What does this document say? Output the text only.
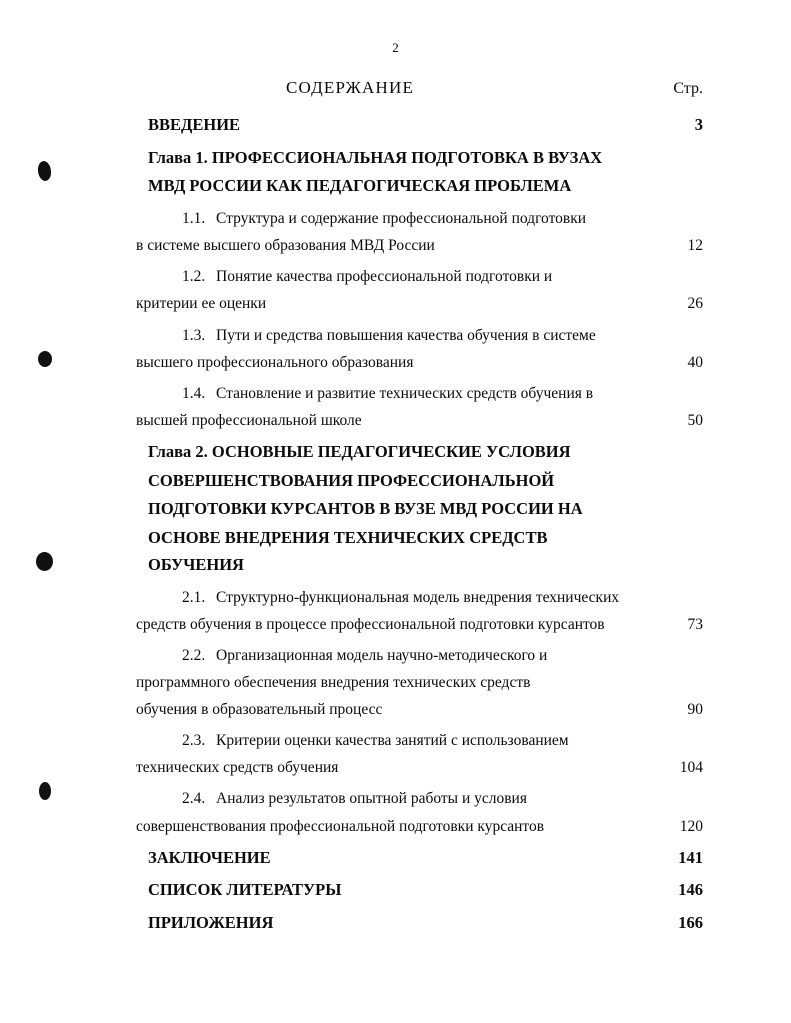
2
СОДЕРЖАНИЕ	Стр.
ВВЕДЕНИЕ	3
Глава 1. ПРОФЕССИОНАЛЬНАЯ ПОДГОТОВКА В ВУЗАХ
МВД РОССИИ КАК ПЕДАГОГИЧЕСКАЯ ПРОБЛЕМА
1.1. Структура и содержание профессиональной подготовки
в системе высшего образования МВД России	12
1.2. Понятие качества профессиональной подготовки и
критерии ее оценки	26
1.3. Пути и средства повышения качества обучения в системе
высшего профессионального образования	40
1.4. Становление и развитие технических средств обучения в
высшей профессиональной школе	50
Глава 2. ОСНОВНЫЕ ПЕДАГОГИЧЕСКИЕ УСЛОВИЯ
СОВЕРШЕНСТВОВАНИЯ ПРОФЕССИОНАЛЬНОЙ
ПОДГОТОВКИ КУРСАНТОВ В ВУЗЕ МВД РОССИИ НА
ОСНОВЕ ВНЕДРЕНИЯ ТЕХНИЧЕСКИХ СРЕДСТВ ОБУЧЕНИЯ
2.1. Структурно-функциональная модель внедрения технических
средств обучения в процессе профессиональной подготовки курсантов	73
2.2. Организационная модель научно-методического и
программного обеспечения внедрения технических средств
обучения в образовательный процесс	90
2.3. Критерии оценки качества занятий с использованием
технических средств обучения	104
2.4. Анализ результатов опытной работы и условия
совершенствования профессиональной подготовки курсантов	120
ЗАКЛЮЧЕНИЕ	141
СПИСОК ЛИТЕРАТУРЫ	146
ПРИЛОЖЕНИЯ	166
